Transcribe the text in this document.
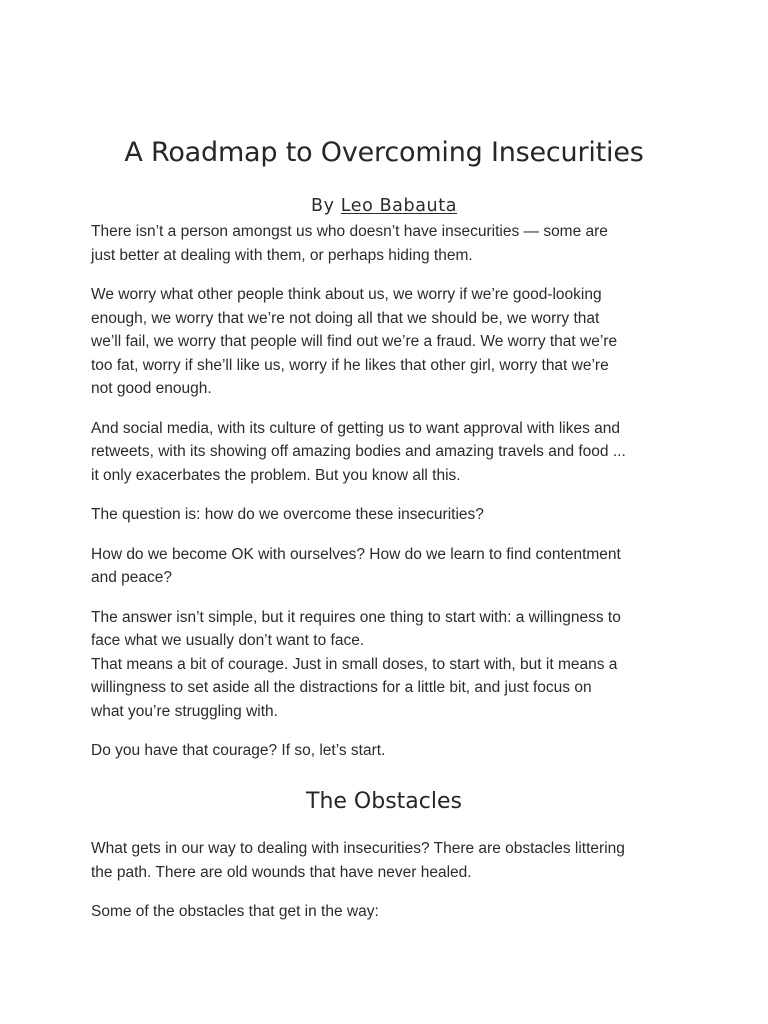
A Roadmap to Overcoming Insecurities
By Leo Babauta

There isn’t a person amongst us who doesn’t have insecurities — some are
just better at dealing with them, or perhaps hiding them.

We worry what other people think about us, we worry if we’re good-looking
enough, we worry that we’re not doing all that we should be, we worry that
we’ll fail, we worry that people will find out we’re a fraud. We worry that we’re
too fat, worry if she’ll like us, worry if he likes that other girl, worry that we’re
not good enough.

And social media, with its culture of getting us to want approval with likes and
retweets, with its showing off amazing bodies and amazing travels and food ...
it only exacerbates the problem. But you know all this.

The question is: how do we overcome these insecurities?

How do we become OK with ourselves? How do we learn to find contentment
and peace?

The answer isn’t simple, but it requires one thing to start with: a willingness to
face what we usually don’t want to face.
That means a bit of courage. Just in small doses, to start with, but it means a
willingness to set aside all the distractions for a little bit, and just focus on
what you’re struggling with.

Do you have that courage? If so, let’s start.

The Obstacles

What gets in our way to dealing with insecurities? There are obstacles littering
the path. There are old wounds that have never healed.

Some of the obstacles that get in the way:
